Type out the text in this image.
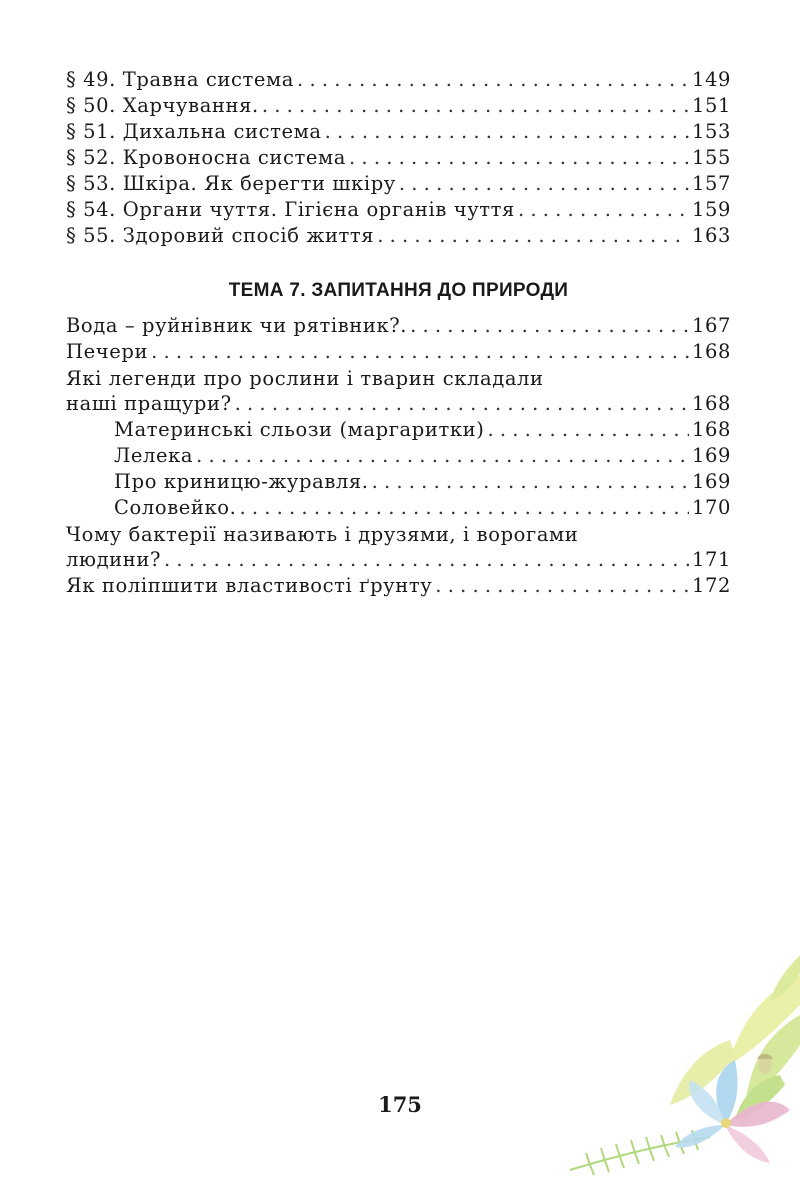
§ 49. Травна система . . .	149
§ 50. Харчування. . . .	151
§ 51. Дихальна система . . .	153
§ 52. Кровоносна система . . .	155
§ 53. Шкіра. Як берегти шкіру . . .	157
§ 54. Органи чуття. Гігієна органів чуття . . .	159
§ 55. Здоровий спосіб життя . . .	163
ТЕМА 7. ЗАПИТАННЯ ДО ПРИРОДИ
Вода – руйнівник чи рятівник?. . . .	167
Печери . . .	168
Які легенди про рослини і тварин складали
наші пращури? . . .	168
Материнські сльози (маргаритки) . . .	168
Лелека . . .	169
Про криницю-журавля. . . .	169
Соловейко. . . .	170
Чому бактерії називають і друзями, і ворогами
людини? . . .	171
Як поліпшити властивості ґрунту . . .	172
175
